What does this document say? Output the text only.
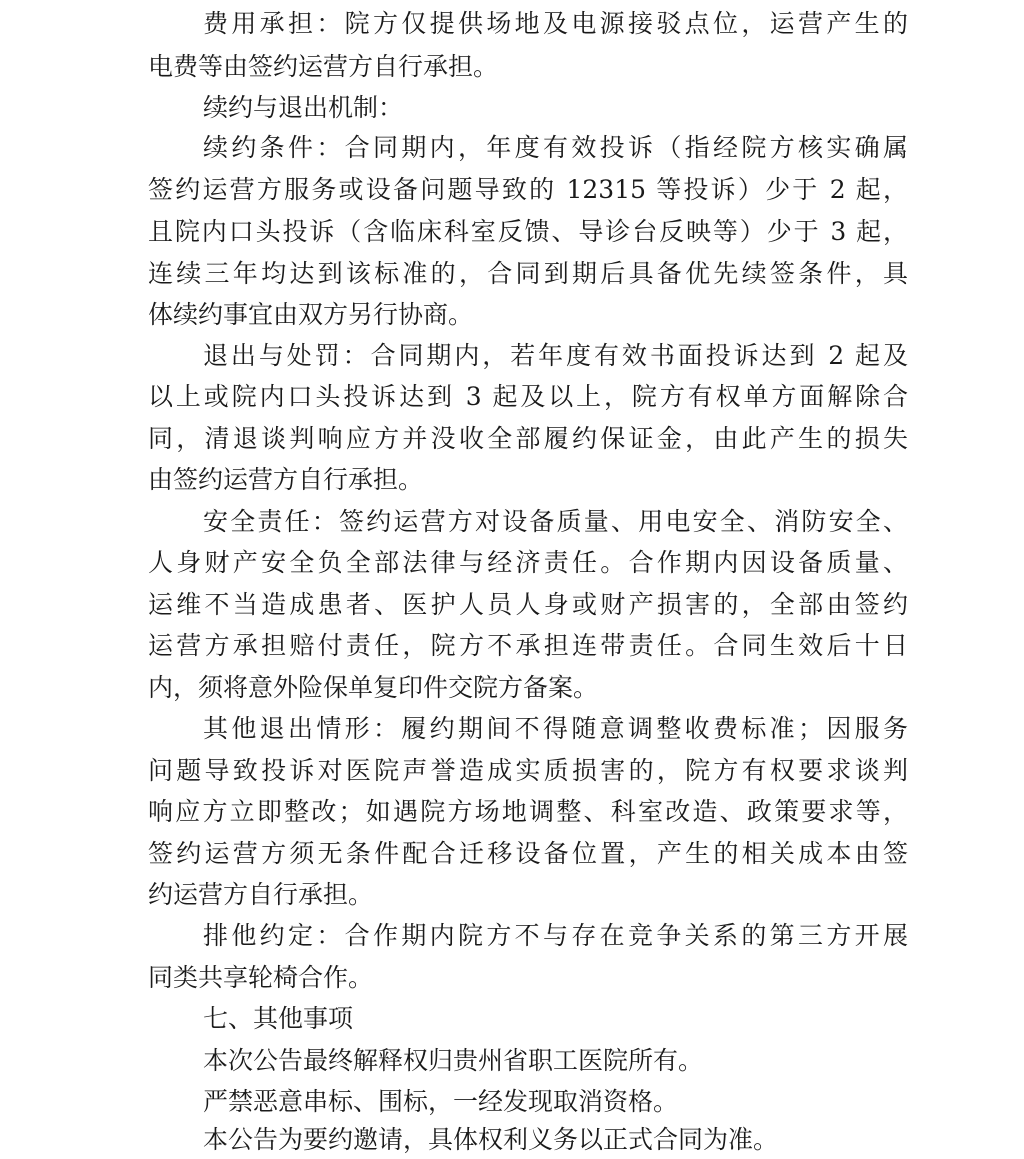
费用承担：院方仅提供场地及电源接驳点位，运营产生的
电费等由签约运营方自行承担。
续约与退出机制：
续约条件：合同期内，年度有效投诉（指经院方核实确属
签约运营方服务或设备问题导致的 12315 等投诉）少于 2 起，
且院内口头投诉（含临床科室反馈、导诊台反映等）少于 3 起，
连续三年均达到该标准的，合同到期后具备优先续签条件，具
体续约事宜由双方另行协商。
退出与处罚：合同期内，若年度有效书面投诉达到 2 起及
以上或院内口头投诉达到 3 起及以上，院方有权单方面解除合
同，清退谈判响应方并没收全部履约保证金，由此产生的损失
由签约运营方自行承担。
安全责任：签约运营方对设备质量、用电安全、消防安全、
人身财产安全负全部法律与经济责任。合作期内因设备质量、
运维不当造成患者、医护人员人身或财产损害的，全部由签约
运营方承担赔付责任，院方不承担连带责任。合同生效后十日
内，须将意外险保单复印件交院方备案。
其他退出情形：履约期间不得随意调整收费标准；因服务
问题导致投诉对医院声誉造成实质损害的，院方有权要求谈判
响应方立即整改；如遇院方场地调整、科室改造、政策要求等，
签约运营方须无条件配合迁移设备位置，产生的相关成本由签
约运营方自行承担。
排他约定：合作期内院方不与存在竞争关系的第三方开展
同类共享轮椅合作。
七、其他事项
本次公告最终解释权归贵州省职工医院所有。
严禁恶意串标、围标，一经发现取消资格。
本公告为要约邀请，具体权利义务以正式合同为准。
